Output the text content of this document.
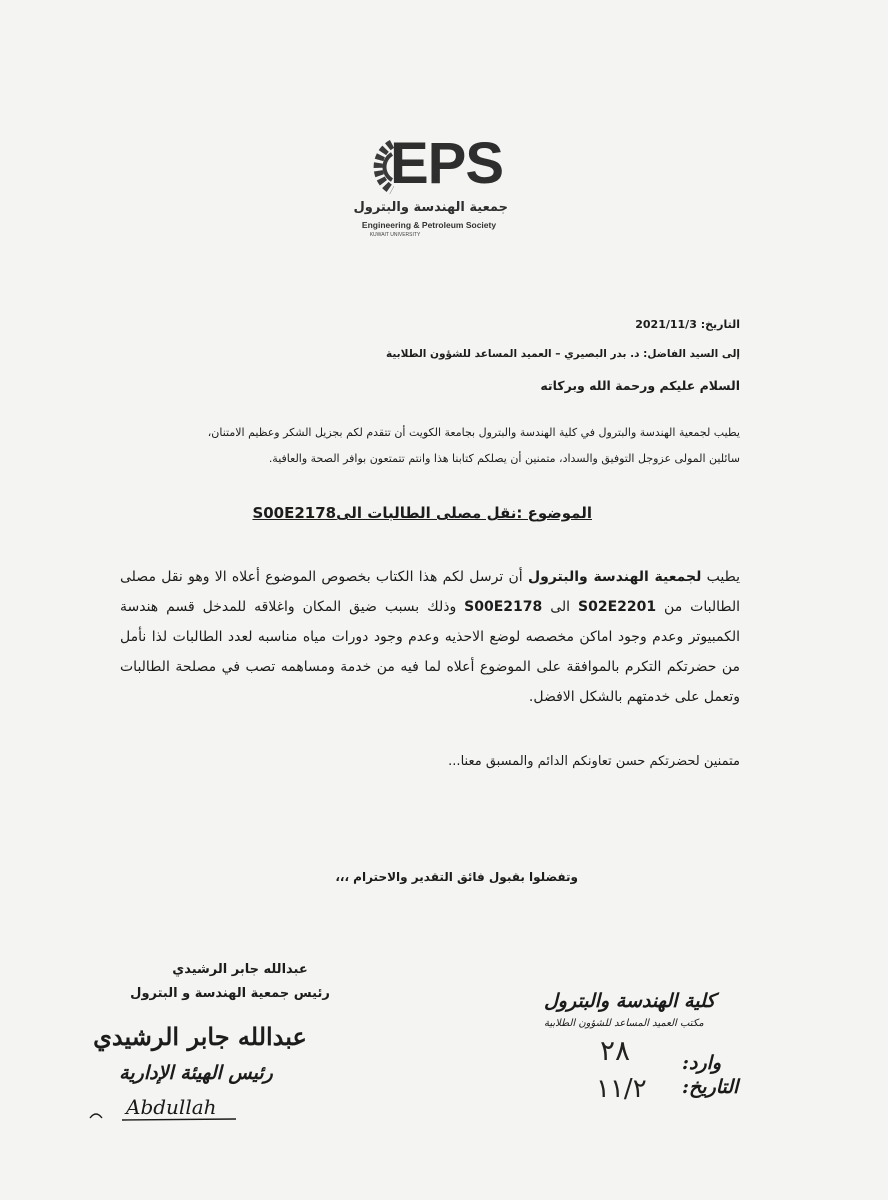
EPS
جمعية الهندسة والبترول
Engineering & Petroleum Society
KUWAIT UNIVERSITY
التاريخ: 2021/11/3
إلى السيد الفاضل: د. بدر البصيري – العميد المساعد للشؤون الطلابية
السلام عليكم ورحمة الله وبركاته
يطيب لجمعية الهندسة والبترول في كلية الهندسة والبترول بجامعة الكويت أن تتقدم لكم بجزيل الشكر وعظيم الامتنان،
سائلين المولى عزوجل التوفيق والسداد، متمنين أن يصلكم كتابنا هذا وانتم تتمتعون بوافر الصحة والعافية.
الموضوع :نقل مصلى الطالبات الىS00E2178
يطيب لجمعية الهندسة والبترول أن ترسل لكم هذا الكتاب بخصوص الموضوع أعلاه الا وهو نقل مصلى الطالبات من S02E2201 الى S00E2178 وذلك بسبب ضيق المكان واغلاقه للمدخل قسم هندسة الكمبيوتر وعدم وجود اماكن مخصصه لوضع الاحذيه وعدم وجود دورات مياه مناسبه لعدد الطالبات لذا نأمل من حضرتكم التكرم بالموافقة على الموضوع أعلاه لما فيه من خدمة ومساهمه تصب في مصلحة الطالبات وتعمل على خدمتهم بالشكل الافضل.
متمنين لحضرتكم حسن تعاونكم الدائم والمسبق معنا...
وتفضلوا بقبول فائق التقدير والاحترام ،،،
عبدالله جابر الرشيدي
رئيس جمعية الهندسة و البترول
عبدالله جابر الرشيدي
رئيس الهيئة الإدارية
Abdullah
كلية الهندسة والبترول
مكتب العميد المساعد للشؤون الطلابية
وارد:
التاريخ:
٢٨
١١/٢
